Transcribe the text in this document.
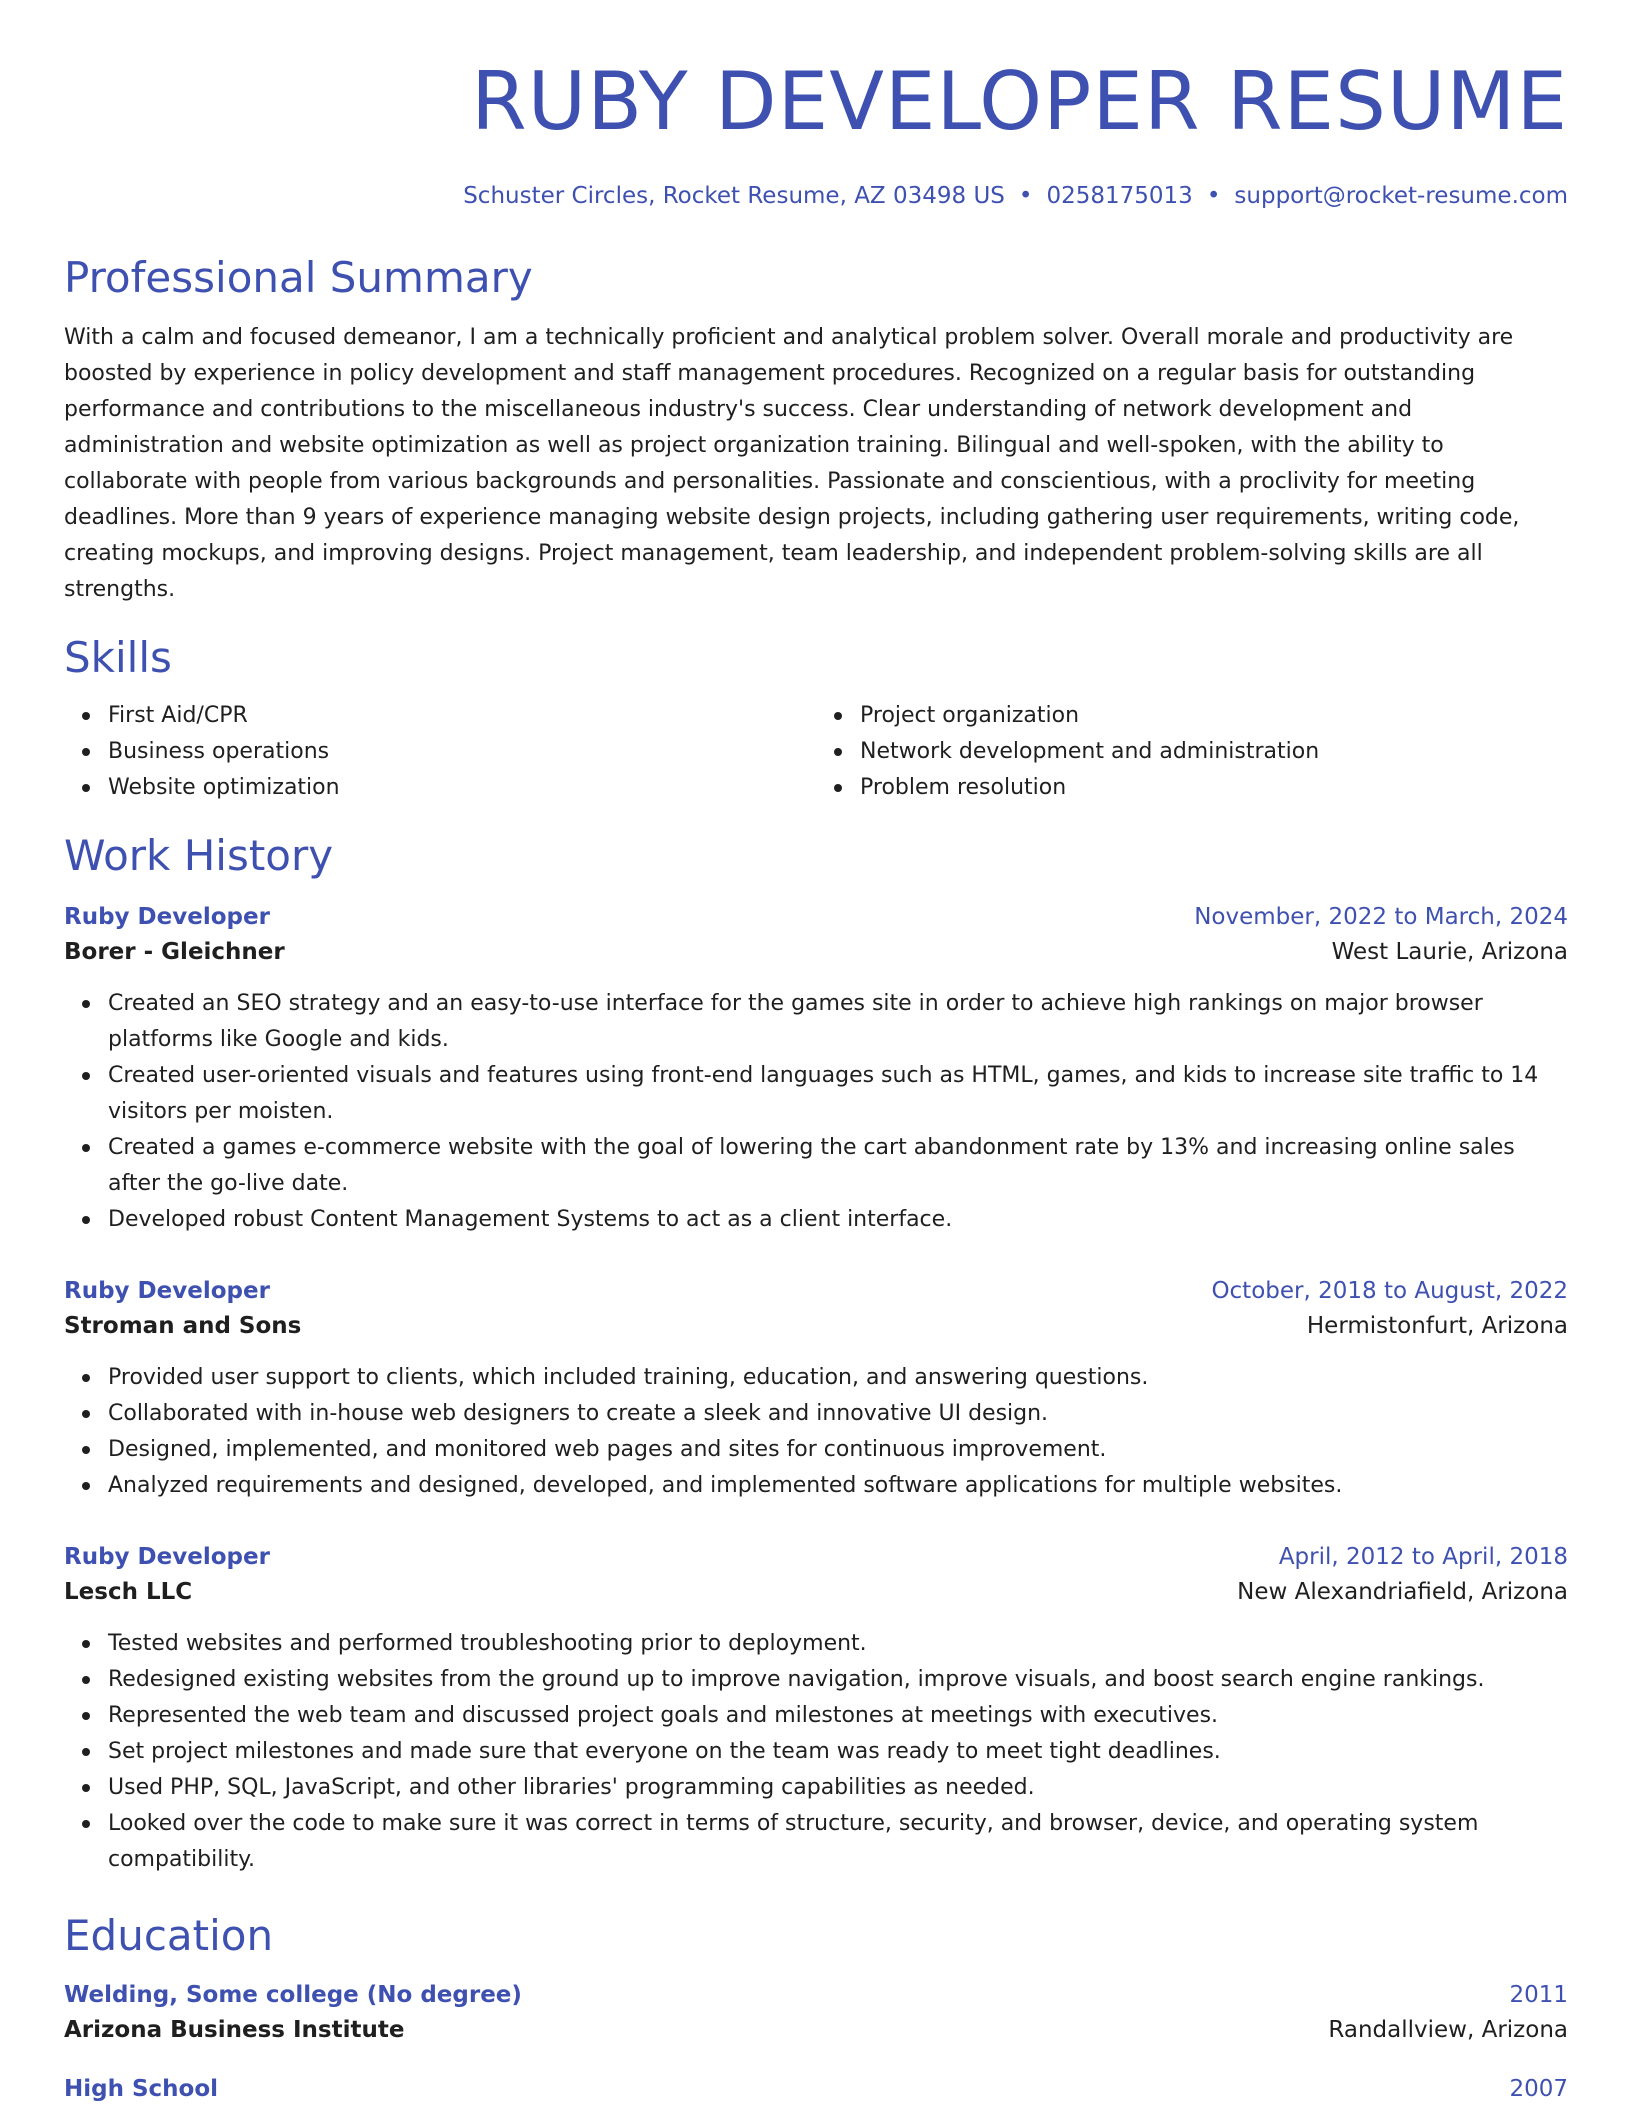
RUBY DEVELOPER RESUME
Schuster Circles, Rocket Resume, AZ 03498 US • 0258175013 • support@rocket-resume.com
Professional Summary
With a calm and focused demeanor, I am a technically proficient and analytical problem solver. Overall morale and productivity are boosted by experience in policy development and staff management procedures. Recognized on a regular basis for outstanding performance and contributions to the miscellaneous industry's success. Clear understanding of network development and administration and website optimization as well as project organization training. Bilingual and well-spoken, with the ability to collaborate with people from various backgrounds and personalities. Passionate and conscientious, with a proclivity for meeting deadlines. More than 9 years of experience managing website design projects, including gathering user requirements, writing code, creating mockups, and improving designs. Project management, team leadership, and independent problem-solving skills are all strengths.
Skills
First Aid/CPR
Business operations
Website optimization
Project organization
Network development and administration
Problem resolution
Work History
Ruby Developer	November, 2022 to March, 2024
Borer - Gleichner	West Laurie, Arizona
Created an SEO strategy and an easy-to-use interface for the games site in order to achieve high rankings on major browser platforms like Google and kids.
Created user-oriented visuals and features using front-end languages such as HTML, games, and kids to increase site traffic to 14 visitors per moisten.
Created a games e-commerce website with the goal of lowering the cart abandonment rate by 13% and increasing online sales after the go-live date.
Developed robust Content Management Systems to act as a client interface.
Ruby Developer	October, 2018 to August, 2022
Stroman and Sons	Hermistonfurt, Arizona
Provided user support to clients, which included training, education, and answering questions.
Collaborated with in-house web designers to create a sleek and innovative UI design.
Designed, implemented, and monitored web pages and sites for continuous improvement.
Analyzed requirements and designed, developed, and implemented software applications for multiple websites.
Ruby Developer	April, 2012 to April, 2018
Lesch LLC	New Alexandriafield, Arizona
Tested websites and performed troubleshooting prior to deployment.
Redesigned existing websites from the ground up to improve navigation, improve visuals, and boost search engine rankings.
Represented the web team and discussed project goals and milestones at meetings with executives.
Set project milestones and made sure that everyone on the team was ready to meet tight deadlines.
Used PHP, SQL, JavaScript, and other libraries' programming capabilities as needed.
Looked over the code to make sure it was correct in terms of structure, security, and browser, device, and operating system compatibility.
Education
Welding, Some college (No degree)	2011
Arizona Business Institute	Randallview, Arizona
High School	2007
